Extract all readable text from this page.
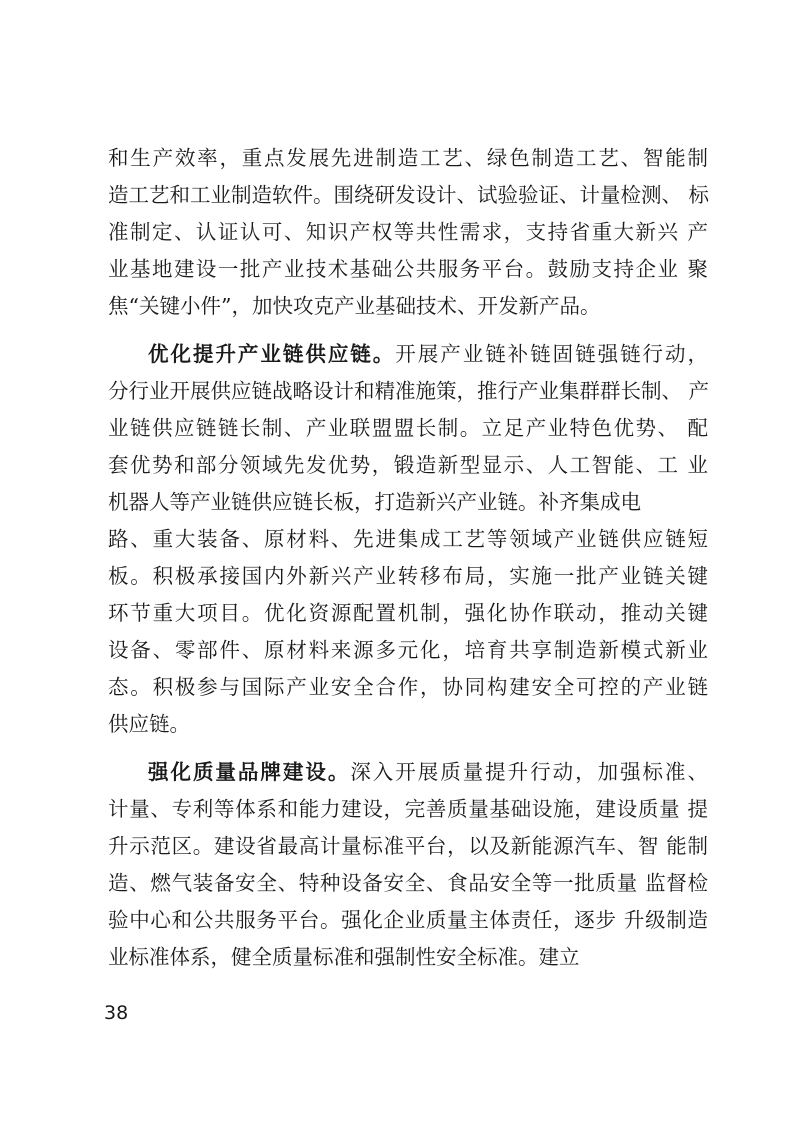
和生产效率，重点发展先进制造工艺、绿色制造工艺、智能制
造工艺和工业制造软件。围绕研发设计、试验验证、计量检测、 标
准制定、认证认可、知识产权等共性需求，支持省重大新兴 产
业基地建设一批产业技术基础公共服务平台。鼓励支持企业 聚
焦“关键小件”，加快攻克产业基础技术、开发新产品。
优化提升产业链供应链。开展产业链补链固链强链行动，
分行业开展供应链战略设计和精准施策，推行产业集群群长制、 产
业链供应链链长制、产业联盟盟长制。立足产业特色优势、 配
套优势和部分领域先发优势，锻造新型显示、人工智能、工 业
机器人等产业链供应链长板，打造新兴产业链。补齐集成电
路、重大装备、原材料、先进集成工艺等领域产业链供应链短
板。积极承接国内外新兴产业转移布局，实施一批产业链关键
环节重大项目。优化资源配置机制，强化协作联动，推动关键
设备、零部件、原材料来源多元化，培育共享制造新模式新业
态。积极参与国际产业安全合作，协同构建安全可控的产业链
供应链。
强化质量品牌建设。深入开展质量提升行动，加强标准、
计量、专利等体系和能力建设，完善质量基础设施，建设质量 提
升示范区。建设省最高计量标准平台，以及新能源汽车、智 能制
造、燃气装备安全、特种设备安全、食品安全等一批质量 监督检
验中心和公共服务平台。强化企业质量主体责任，逐步 升级制造
业标准体系，健全质量标准和强制性安全标准。建立
38
